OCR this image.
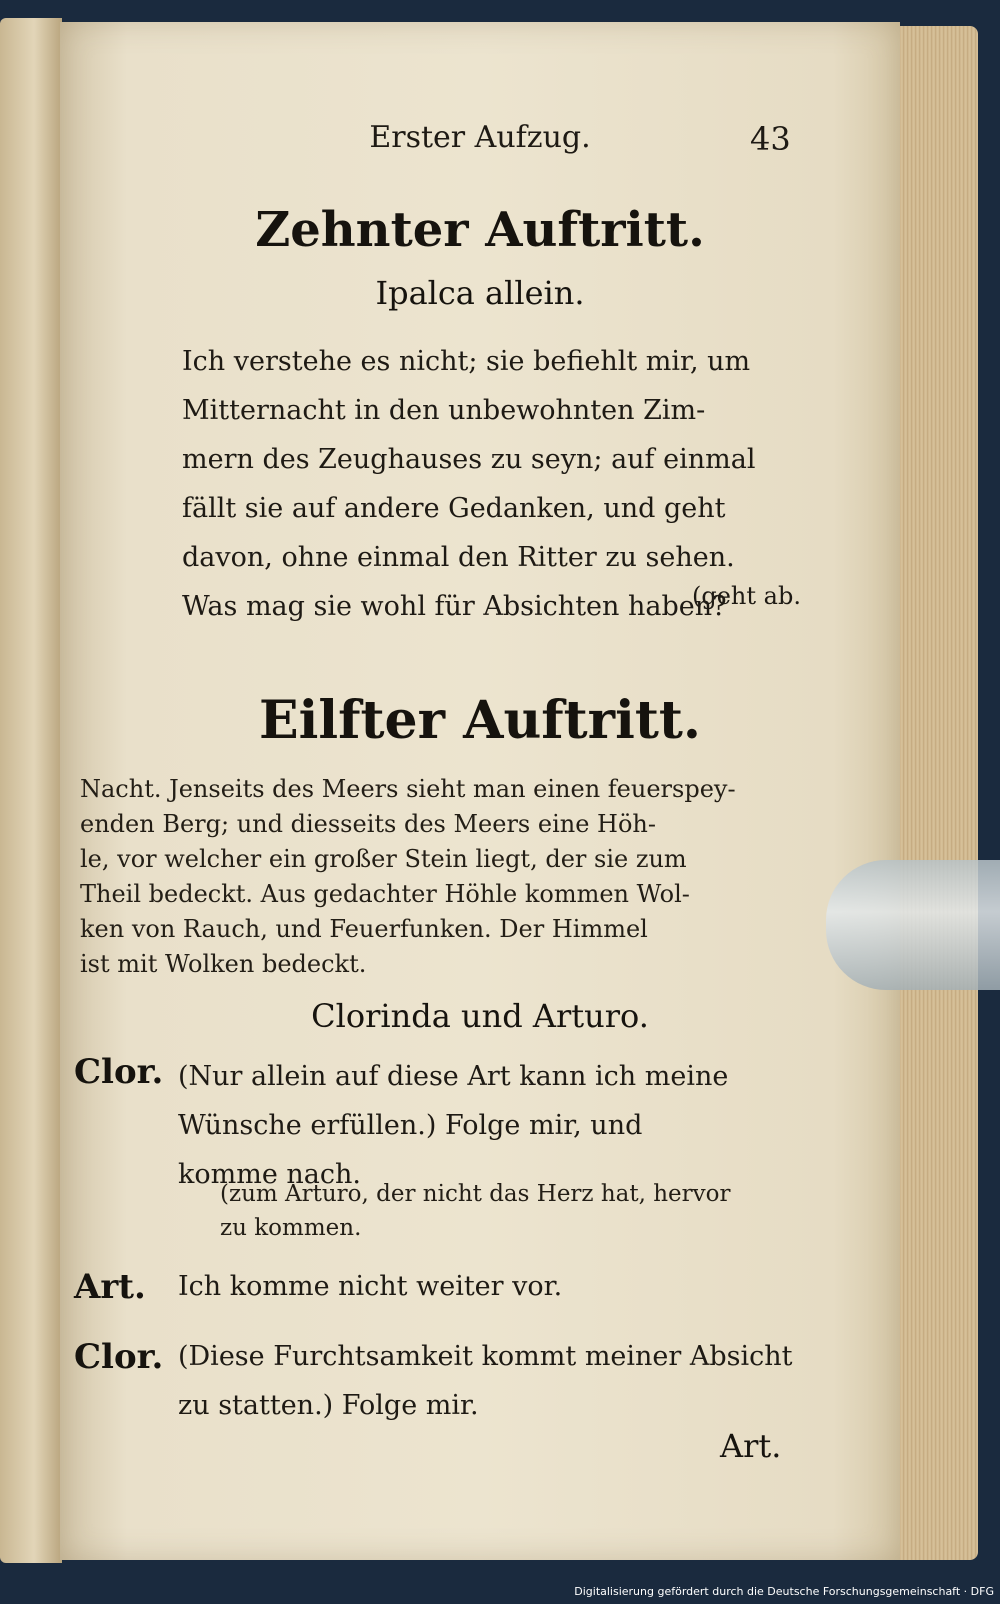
Erster Aufzug.	43
Zehnter Auftritt.
Ipalca allein.
Ich verstehe es nicht; sie befiehlt mir, um
Mitternacht in den unbewohnten Zim-
mern des Zeughauses zu seyn; auf einmal
fällt sie auf andere Gedanken, und geht
davon, ohne einmal den Ritter zu sehen.
Was mag sie wohl für Absichten haben?
(geht ab.
Eilfter Auftritt.
Nacht. Jenseits des Meers sieht man einen feuerspey-
enden Berg; und diesseits des Meers eine Höh-
le, vor welcher ein großer Stein liegt, der sie zum
Theil bedeckt. Aus gedachter Höhle kommen Wol-
ken von Rauch, und Feuerfunken. Der Himmel
ist mit Wolken bedeckt.
Clorinda und Arturo.
Clor. (Nur allein auf diese Art kann ich meine
Wünsche erfüllen.) Folge mir, und
komme nach.
(zum Arturo, der nicht das Herz hat, hervor
zu kommen.
Art. Ich komme nicht weiter vor.
Clor. (Diese Furchtsamkeit kommt meiner Absicht
zu statten.) Folge mir.
Art.
Digitalisierung gefördert durch die Deutsche Forschungsgemeinschaft · DFG
